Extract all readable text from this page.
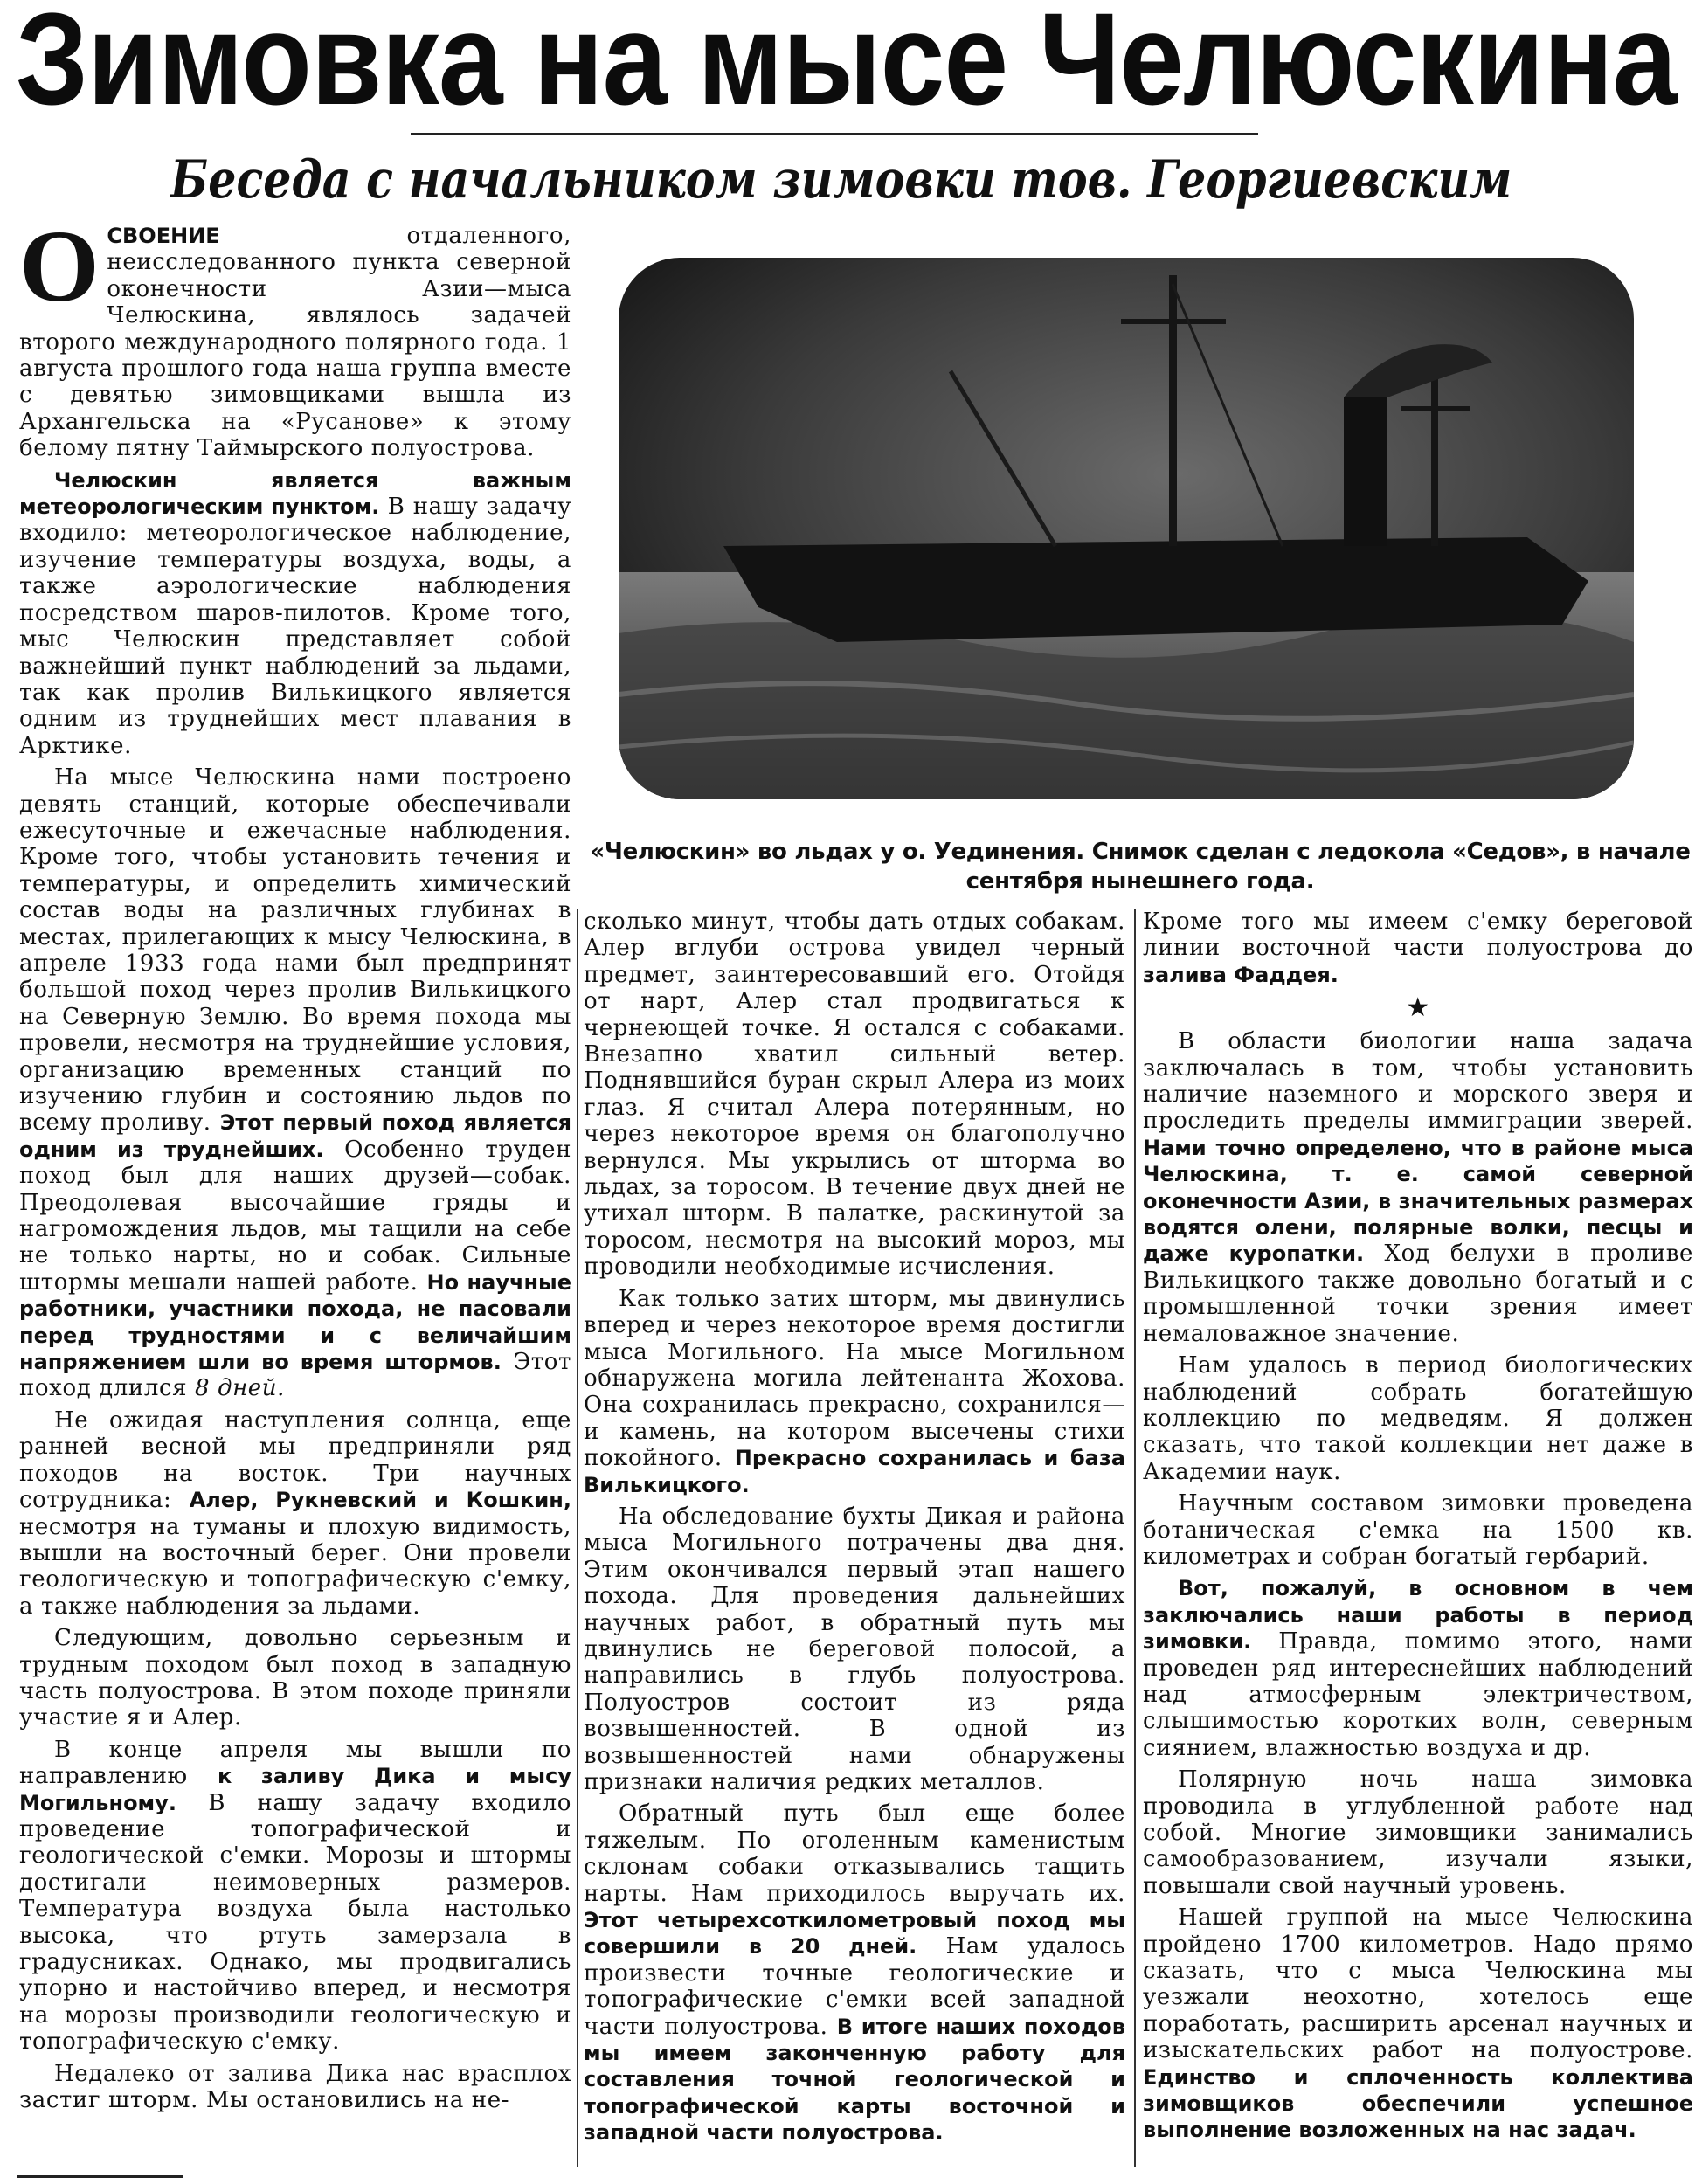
Зимовка на мысе Челюскина
Беседа с начальником зимовки тов. Георгиевским
«Челюскин» во льдах у о. Уединения. Снимок сделан с ледокола «Седов», в начале сентября нынешнего года.

ОСВОЕНИЕ отдаленного, неисследованного пункта северной оконечности Азии—мыса Челюскина, являлось задачей второго международного полярного года. 1 августа прошлого года наша группа вместе с девятью зимовщиками вышла из Архангельска на «Русанове» к этому белому пятну Таймырского полуострова.

Челюскин является важным метеорологическим пунктом. В нашу задачу входило: метеорологическое наблюдение, изучение температуры воздуха, воды, а также аэрологические наблюдения посредством шаров-пилотов. Кроме того, мыс Челюскин представляет собой важнейший пункт наблюдений за льдами, так как пролив Вилькицкого является одним из труднейших мест плавания в Арктике.

На мысе Челюскина нами построено девять станций, которые обеспечивали ежесуточные и ежечасные наблюдения. Кроме того, чтобы установить течения и температуры, и определить химический состав воды на различных глубинах в местах, прилегающих к мысу Челюскина, в апреле 1933 года нами был предпринят большой поход через пролив Вилькицкого на Северную Землю. Во время похода мы провели, несмотря на труднейшие условия, организацию временных станций по изучению глубин и состоянию льдов по всему проливу. Этот первый поход является одним из труднейших. Особенно труден поход был для наших друзей—собак. Преодолевая высочайшие гряды и нагромождения льдов, мы тащили на себе не только нарты, но и собак. Сильные штормы мешали нашей работе. Но научные работники, участники похода, не пасовали перед трудностями и с величайшим напряжением шли во время штормов. Этот поход длился 8 дней.

Не ожидая наступления солнца, еще ранней весной мы предприняли ряд походов на восток. Три научных сотрудника: Алер, Рукневский и Кошкин, несмотря на туманы и плохую видимость, вышли на восточный берег. Они провели геологическую и топографическую с'емку, а также наблюдения за льдами.

Следующим, довольно серьезным и трудным походом был поход в западную часть полуострова. В этом походе приняли участие я и Алер.

В конце апреля мы вышли по направлению к заливу Дика и мысу Могильному. В нашу задачу входило проведение топографической и геологической с'емки. Морозы и штормы достигали неимоверных размеров. Температура воздуха была настолько высока, что ртуть замерзала в градусниках. Однако, мы продвигались упорно и настойчиво вперед, и несмотря на морозы производили геологическую и топографическую с'емку.

Недалеко от залива Дика нас врасплох застиг шторм. Мы остановились на не-

сколько минут, чтобы дать отдых собакам. Алер вглуби острова увидел черный предмет, заинтересовавший его. Отойдя от нарт, Алер стал продвигаться к чернеющей точке. Я остался с собаками. Внезапно хватил сильный ветер. Поднявшийся буран скрыл Алера из моих глаз. Я считал Алера потерянным, но через некоторое время он благополучно вернулся. Мы укрылись от шторма во льдах, за торосом. В течение двух дней не утихал шторм. В палатке, раскинутой за торосом, несмотря на высокий мороз, мы проводили необходимые исчисления.

Как только затих шторм, мы двинулись вперед и через некоторое время достигли мыса Могильного. На мысе Могильном обнаружена могила лейтенанта Жохова. Она сохранилась прекрасно, сохранился— и камень, на котором высечены стихи покойного. Прекрасно сохранилась и база Вилькицкого.

На обследование бухты Дикая и района мыса Могильного потрачены два дня. Этим окончивался первый этап нашего похода. Для проведения дальнейших научных работ, в обратный путь мы двинулись не береговой полосой, а направились в глубь полуострова. Полуостров состоит из ряда возвышенностей. В одной из возвышенностей нами обнаружены признаки наличия редких металлов.

Обратный путь был еще более тяжелым. По оголенным каменистым склонам собаки отказывались тащить нарты. Нам приходилось выручать их. Этот четырехсоткилометровый поход мы совершили в 20 дней. Нам удалось произвести точные геологические и топографические с'емки всей западной части полуострова. В итоге наших походов мы имеем законченную работу для составления точной геологической и топографической карты восточной и западной части полуострова.

Кроме того мы имеем с'емку береговой линии восточной части полуострова до залива Фаддея.

★

В области биологии наша задача заключалась в том, чтобы установить наличие наземного и морского зверя и проследить пределы иммиграции зверей. Нами точно определено, что в районе мыса Челюскина, т. е. самой северной оконечности Азии, в значительных размерах водятся олени, полярные волки, песцы и даже куропатки. Ход белухи в проливе Вилькицкого также довольно богатый и с промышленной точки зрения имеет немаловажное значение.

Нам удалось в период биологических наблюдений собрать богатейшую коллекцию по медведям. Я должен сказать, что такой коллекции нет даже в Академии наук.

Научным составом зимовки проведена ботаническая с'емка на 1500 кв. километрах и собран богатый гербарий.

Вот, пожалуй, в основном в чем заключались наши работы в период зимовки. Правда, помимо этого, нами проведен ряд интереснейших наблюдений над атмосферным электричеством, слышимостью коротких волн, северным сиянием, влажностью воздуха и др.

Полярную ночь наша зимовка проводила в углубленной работе над собой. Многие зимовщики занимались самообразованием, изучали языки, повышали свой научный уровень.

Нашей группой на мысе Челюскина пройдено 1700 километров. Надо прямо сказать, что с мыса Челюскина мы уезжали неохотно, хотелось еще поработать, расширить арсенал научных и изыскательских работ на полуострове. Единство и сплоченность коллектива зимовщиков обеспечили успешное выполнение возложенных на нас задач.
